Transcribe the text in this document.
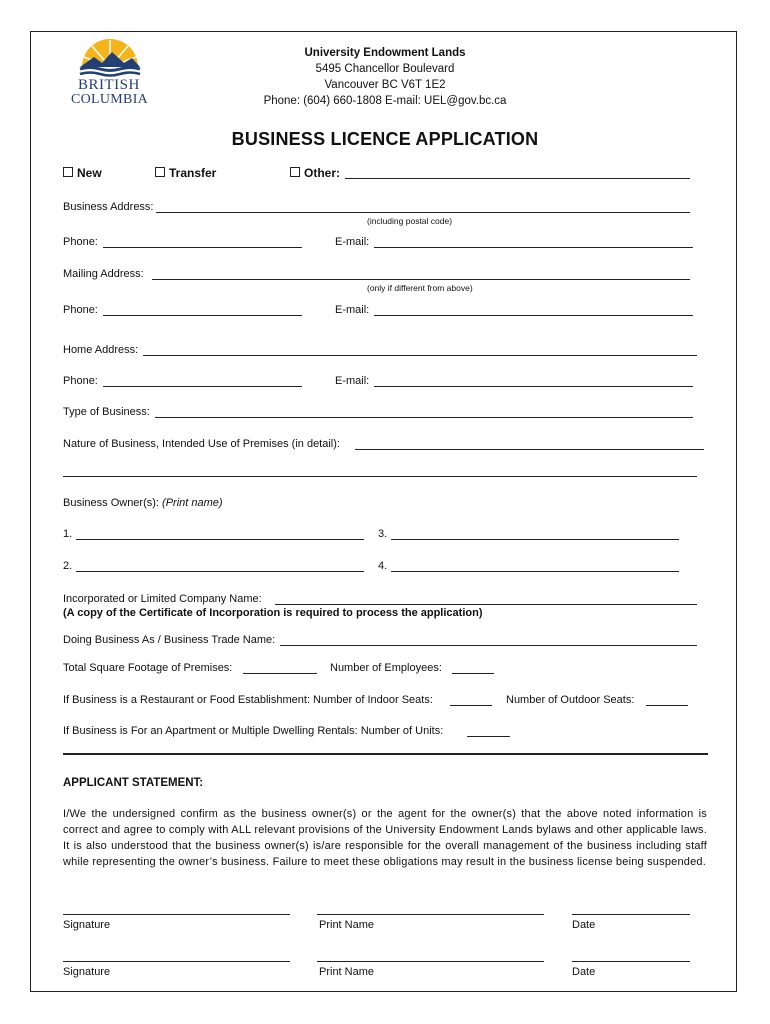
BRITISH
COLUMBIA
University Endowment Lands
5495 Chancellor Boulevard
Vancouver BC V6T 1E2
Phone: (604) 660-1808 E-mail: UEL@gov.bc.ca
BUSINESS LICENCE APPLICATION
New	Transfer	Other:
Business Address:
(including postal code)
Phone:	E-mail:
Mailing Address:
(only if different from above)
Phone:	E-mail:
Home Address:
Phone:	E-mail:
Type of Business:
Nature of Business, Intended Use of Premises (in detail):
Business Owner(s): (Print name)
1.	3.
2.	4.
Incorporated or Limited Company Name:
(A copy of the Certificate of Incorporation is required to process the application)
Doing Business As / Business Trade Name:
Total Square Footage of Premises:	Number of Employees:
If Business is a Restaurant or Food Establishment: Number of Indoor Seats:	Number of Outdoor Seats:
If Business is For an Apartment or Multiple Dwelling Rentals: Number of Units:
APPLICANT STATEMENT:
I/We the undersigned confirm as the business owner(s) or the agent for the owner(s) that the above noted information is correct and agree to comply with ALL relevant provisions of the University Endowment Lands bylaws and other applicable laws. It is also understood that the business owner(s) is/are responsible for the overall management of the business including staff while representing the owner’s business. Failure to meet these obligations may result in the business license being suspended.
Signature	Print Name	Date
Signature	Print Name	Date
